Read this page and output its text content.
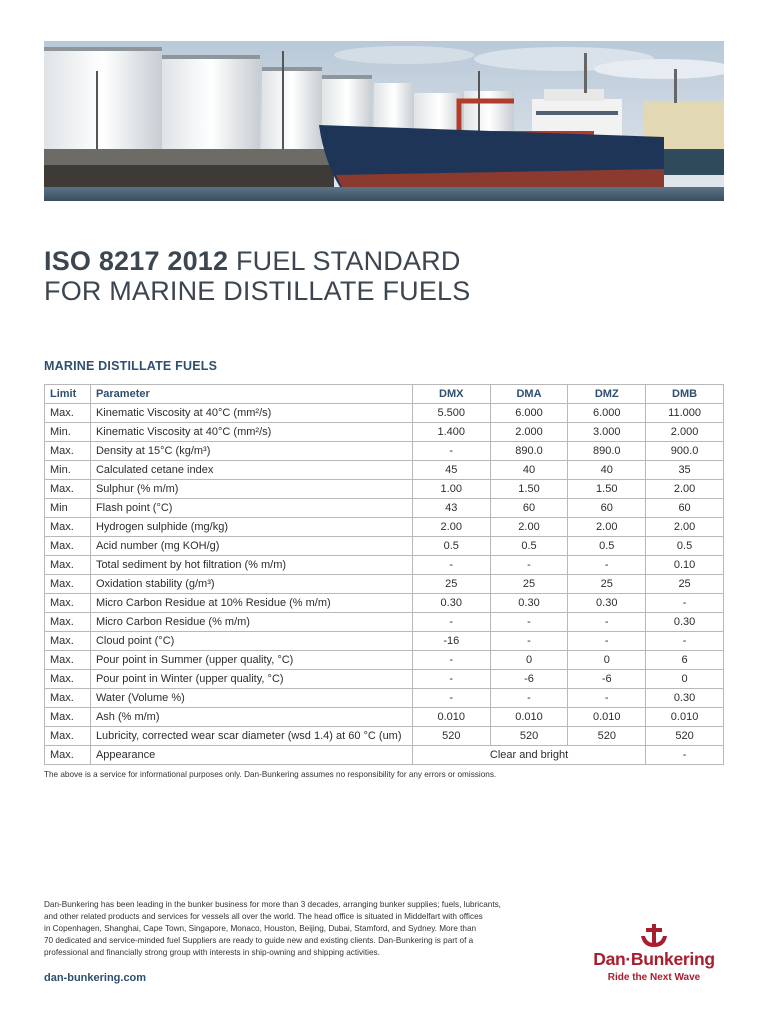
ISO 8217 2012 FUEL STANDARD
FOR MARINE DISTILLATE FUELS
MARINE DISTILLATE FUELS
Limit	Parameter	DMX	DMA	DMZ	DMB
Max.	Kinematic Viscosity at 40°C (mm²/s)	5.500	6.000	6.000	11.000
Min.	Kinematic Viscosity at 40°C (mm²/s)	1.400	2.000	3.000	2.000
Max.	Density at 15°C (kg/m³)	-	890.0	890.0	900.0
Min.	Calculated cetane index	45	40	40	35
Max.	Sulphur (% m/m)	1.00	1.50	1.50	2.00
Min	Flash point (°C)	43	60	60	60
Max.	Hydrogen sulphide (mg/kg)	2.00	2.00	2.00	2.00
Max.	Acid number (mg KOH/g)	0.5	0.5	0.5	0.5
Max.	Total sediment by hot filtration (% m/m)	-	-	-	0.10
Max.	Oxidation stability (g/m³)	25	25	25	25
Max.	Micro Carbon Residue at 10% Residue (% m/m)	0.30	0.30	0.30	-
Max.	Micro Carbon Residue (% m/m)	-	-	-	0.30
Max.	Cloud point (°C)	-16	-	-	-
Max.	Pour point in Summer (upper quality, °C)	-	0	0	6
Max.	Pour point in Winter (upper quality, °C)	-	-6	-6	0
Max.	Water (Volume %)	-	-	-	0.30
Max.	Ash (% m/m)	0.010	0.010	0.010	0.010
Max.	Lubricity, corrected wear scar diameter (wsd 1.4) at 60 °C (um)	520	520	520	520
Max.	Appearance	Clear and bright			-
The above is a service for informational purposes only. Dan-Bunkering assumes no responsibility for any errors or omissions.
Dan-Bunkering has been leading in the bunker business for more than 3 decades, arranging bunker supplies; fuels, lubricants,
and other related products and services for vessels all over the world. The head office is situated in Middelfart with offices
in Copenhagen, Shanghai, Cape Town, Singapore, Monaco, Houston, Beijing, Dubai, Stamford, and Sydney. More than
70 dedicated and service-minded fuel Suppliers are ready to guide new and existing clients. Dan-Bunkering is part of a
professional and financially strong group with interests in ship-owning and shipping activities.
dan-bunkering.com
Dan·Bunkering
Ride the Next Wave
